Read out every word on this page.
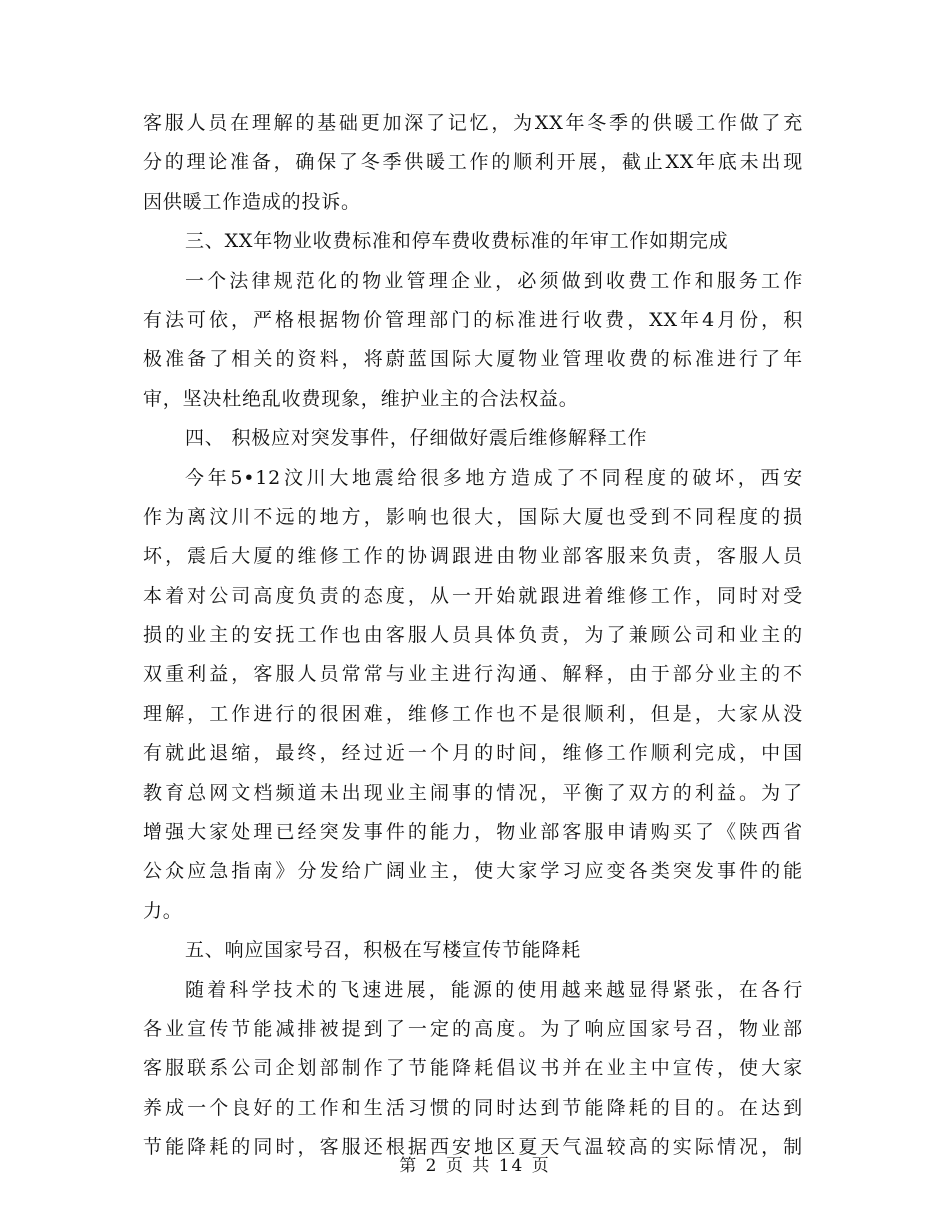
客服人员在理解的基础更加深了记忆，为XX年冬季的供暖工作做了充
分的理论准备，确保了冬季供暖工作的顺利开展，截止XX年底未出现
因供暖工作造成的投诉。
三、XX年物业收费标准和停车费收费标准的年审工作如期完成
一个法律规范化的物业管理企业，必须做到收费工作和服务工作
有法可依，严格根据物价管理部门的标准进行收费，XX年4月份，积
极准备了相关的资料，将蔚蓝国际大厦物业管理收费的标准进行了年
审，坚决杜绝乱收费现象，维护业主的合法权益。
四、 积极应对突发事件，仔细做好震后维修解释工作
今年5•12汶川大地震给很多地方造成了不同程度的破坏，西安
作为离汶川不远的地方，影响也很大，国际大厦也受到不同程度的损
坏，震后大厦的维修工作的协调跟进由物业部客服来负责，客服人员
本着对公司高度负责的态度，从一开始就跟进着维修工作，同时对受
损的业主的安抚工作也由客服人员具体负责，为了兼顾公司和业主的
双重利益，客服人员常常与业主进行沟通、解释，由于部分业主的不
理解，工作进行的很困难，维修工作也不是很顺利，但是，大家从没
有就此退缩，最终，经过近一个月的时间，维修工作顺利完成，中国
教育总网文档频道未出现业主闹事的情况，平衡了双方的利益。为了
增强大家处理已经突发事件的能力，物业部客服申请购买了《陕西省
公众应急指南》分发给广阔业主，使大家学习应变各类突发事件的能
力。
五、响应国家号召，积极在写楼宣传节能降耗
随着科学技术的飞速进展，能源的使用越来越显得紧张，在各行
各业宣传节能减排被提到了一定的高度。为了响应国家号召，物业部
客服联系公司企划部制作了节能降耗倡议书并在业主中宣传，使大家
养成一个良好的工作和生活习惯的同时达到节能降耗的目的。在达到
节能降耗的同时，客服还根据西安地区夏天气温较高的实际情况，制
第 2 页 共 14 页
